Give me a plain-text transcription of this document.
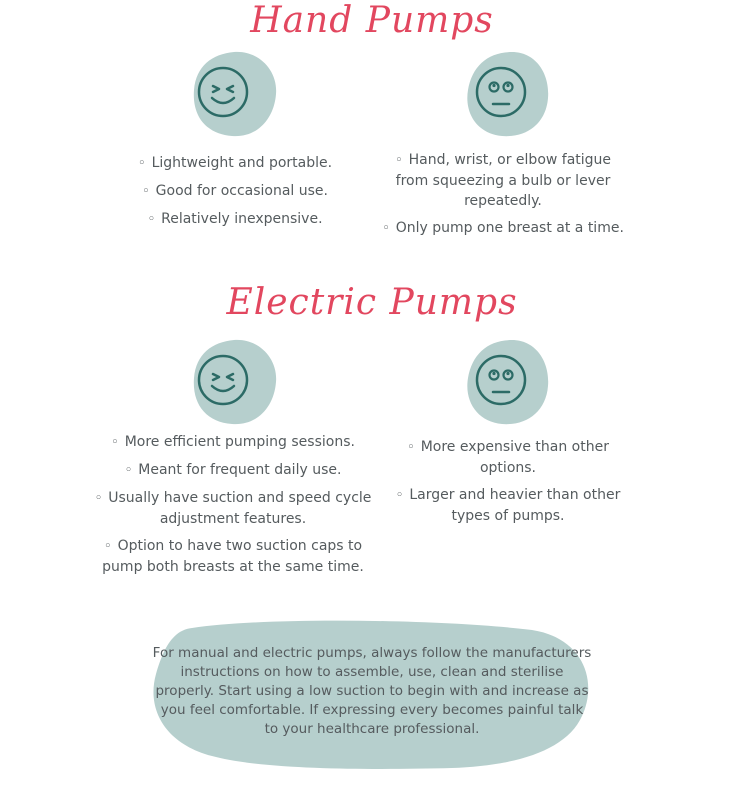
Hand Pumps
◦ Lightweight and portable.
◦ Good for occasional use.
◦ Relatively inexpensive.
◦ Hand, wrist, or elbow fatigue from squeezing a bulb or lever repeatedly.
◦ Only pump one breast at a time.
Electric Pumps
◦ More efficient pumping sessions.
◦ Meant for frequent daily use.
◦ Usually have suction and speed cycle adjustment features.
◦ Option to have two suction caps to pump both breasts at the same time.
◦ More expensive than other options.
◦ Larger and heavier than other types of pumps.
For manual and electric pumps, always follow the manufacturers instructions on how to assemble, use, clean and sterilise properly. Start using a low suction to begin with and increase as you feel comfortable. If expressing every becomes painful talk to your healthcare professional.
